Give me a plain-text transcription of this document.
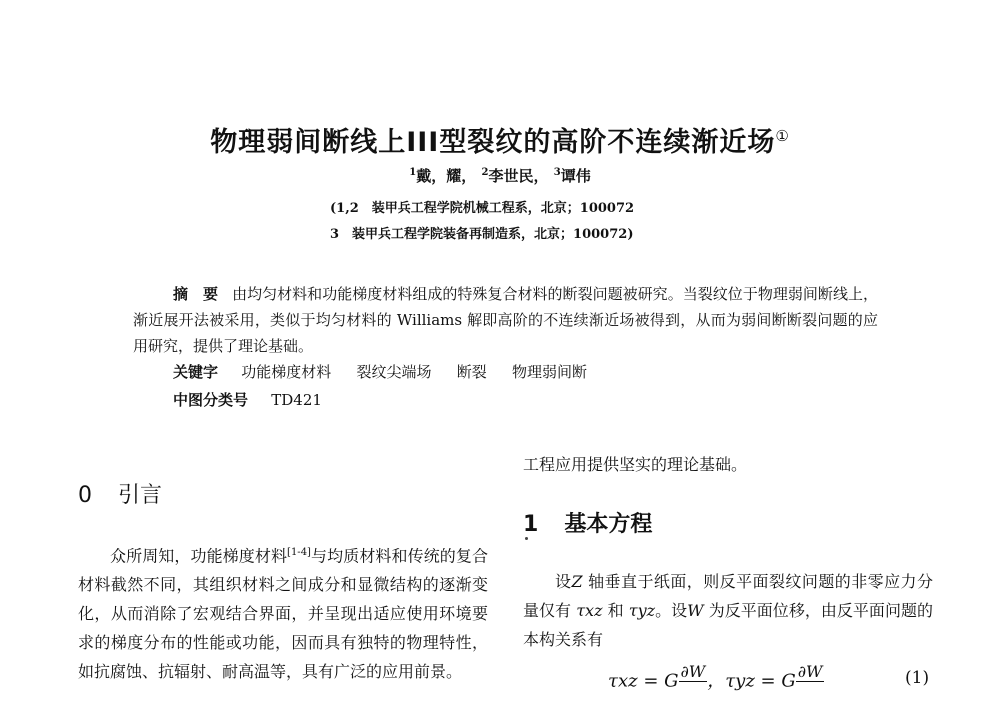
物理弱间断线上III型裂纹的高阶不连续渐近场①
$^1$戴，耀， $^2$李世民， $^3$谭伟
(1,2　装甲兵工程学院机械工程系，北京；100072
3　装甲兵工程学院装备再制造系，北京；100072)
摘　要 由均匀材料和功能梯度材料组成的特殊复合材料的断裂问题被研究。当裂纹位于物理弱间断线上，渐近展开法被采用，类似于均匀材料的 Williams 解即高阶的不连续渐近场被得到，从而为弱间断断裂问题的应用研究，提供了理论基础。
关键字 功能梯度材料 裂纹尖端场 断裂 物理弱间断
中图分类号 TD421
0 引言
众所周知，功能梯度材料[1-4]与均质材料和传统的复合材料截然不同，其组织材料之间成分和显微结构的逐渐变化，从而消除了宏观结合界面，并呈现出适应使用环境要求的梯度分布的性能或功能，因而具有独特的物理特性，如抗腐蚀、抗辐射、耐高温等，具有广泛的应用前景。
工程应用提供坚实的理论基础。
1 基本方程
设Z 轴垂直于纸面，则反平面裂纹问题的非零应力分量仅有 τxz 和 τyz。设W 为反平面位移，由反平面问题的本构关系有
τxz = G ∂W
，τyz = G ∂W
	(1)
